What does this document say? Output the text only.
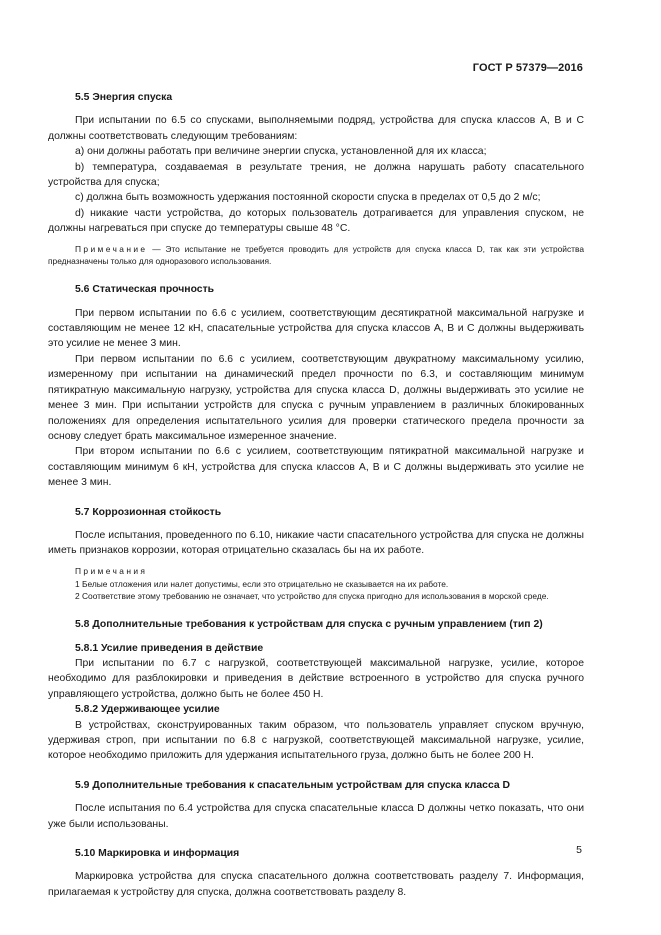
ГОСТ Р 57379—2016

5.5 Энергия спуска

При испытании по 6.5 со спусками, выполняемыми подряд, устройства для спуска классов А, В и С должны соответствовать следующим требованиям:

а) они должны работать при величине энергии спуска, установленной для их класса;

b) температура, создаваемая в результате трения, не должна нарушать работу спасательного устройства для спуска;

с) должна быть возможность удержания постоянной скорости спуска в пределах от 0,5 до 2 м/с;

d) никакие части устройства, до которых пользователь дотрагивается для управления спуском, не должны нагреваться при спуске до температуры свыше 48 °С.

Примечание — Это испытание не требуется проводить для устройств для спуска класса D, так как эти устройства предназначены только для одноразового использования.

5.6 Статическая прочность

При первом испытании по 6.6 с усилием, соответствующим десятикратной максимальной нагрузке и составляющим не менее 12 кН, спасательные устройства для спуска классов А, В и С должны выдерживать это усилие не менее 3 мин.

При первом испытании по 6.6 с усилием, соответствующим двукратному максимальному усилию, измеренному при испытании на динамический предел прочности по 6.3, и составляющим минимум пятикратную максимальную нагрузку, устройства для спуска класса D, должны выдерживать это усилие не менее 3 мин. При испытании устройств для спуска с ручным управлением в различных блокированных положениях для определения испытательного усилия для проверки статического предела прочности за основу следует брать максимальное измеренное значение.

При втором испытании по 6.6 с усилием, соответствующим пятикратной максимальной нагрузке и составляющим минимум 6 кН, устройства для спуска классов А, В и С должны выдерживать это усилие не менее 3 мин.

5.7 Коррозионная стойкость

После испытания, проведенного по 6.10, никакие части спасательного устройства для спуска не должны иметь признаков коррозии, которая отрицательно сказалась бы на их работе.

Примечания

1 Белые отложения или налет допустимы, если это отрицательно не сказывается на их работе.

2 Соответствие этому требованию не означает, что устройство для спуска пригодно для использования в морской среде.

5.8 Дополнительные требования к устройствам для спуска с ручным управлением (тип 2)

5.8.1 Усилие приведения в действие

При испытании по 6.7 с нагрузкой, соответствующей максимальной нагрузке, усилие, которое необходимо для разблокировки и приведения в действие встроенного в устройство для спуска ручного управляющего устройства, должно быть не более 450 Н.

5.8.2 Удерживающее усилие

В устройствах, сконструированных таким образом, что пользователь управляет спуском вручную, удерживая строп, при испытании по 6.8 с нагрузкой, соответствующей максимальной нагрузке, усилие, которое необходимо приложить для удержания испытательного груза, должно быть не более 200 Н.

5.9 Дополнительные требования к спасательным устройствам для спуска класса D

После испытания по 6.4 устройства для спуска спасательные класса D должны четко показать, что они уже были использованы.

5.10 Маркировка и информация

Маркировка устройства для спуска спасательного должна соответствовать разделу 7. Информация, прилагаемая к устройству для спуска, должна соответствовать разделу 8.

5
